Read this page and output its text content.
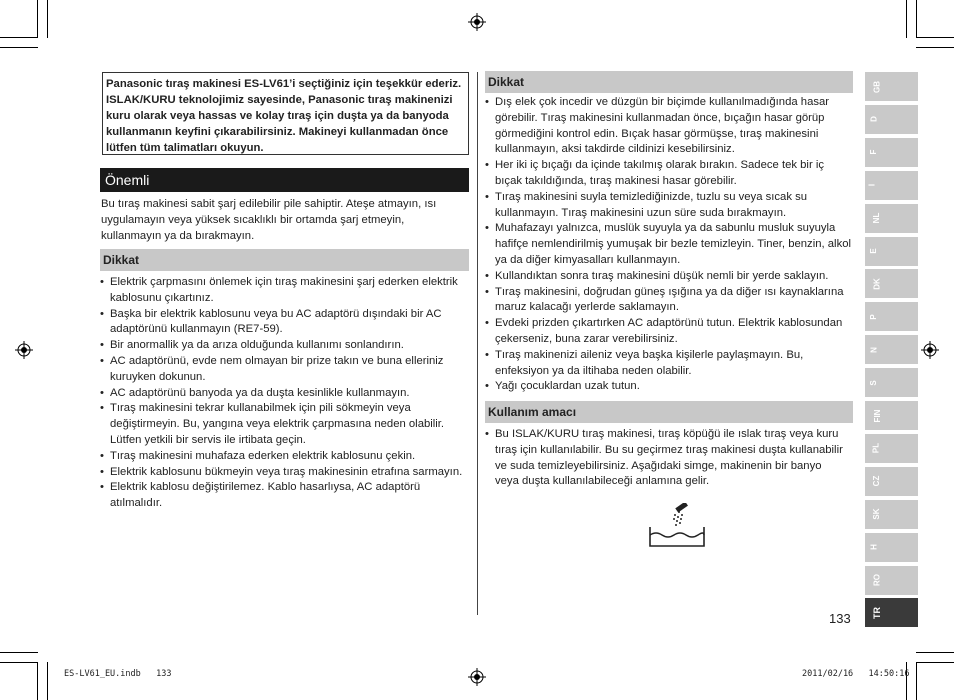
Panasonic tıraş makinesi ES-LV61’i seçtiğiniz için teşekkür ederiz. ISLAK/KURU teknolojimiz sayesinde, Panasonic tıraş makinenizi kuru olarak veya hassas ve kolay tıraş için duşta ya da banyoda kullanmanın keyfini çıkarabilirsiniz. Makineyi kullanmadan önce lütfen tüm talimatları okuyun.
Önemli
Bu tıraş makinesi sabit şarj edilebilir pile sahiptir. Ateşe atmayın, ısı uygulamayın veya yüksek sıcaklıklı bir ortamda şarj etmeyin, kullanmayın ya da bırakmayın.
Dikkat
• Elektrik çarpmasını önlemek için tıraş makinesini şarj ederken elektrik kablosunu çıkartınız.
• Başka bir elektrik kablosunu veya bu AC adaptörü dışındaki bir AC adaptörünü kullanmayın (RE7-59).
• Bir anormallik ya da arıza olduğunda kullanımı sonlandırın.
• AC adaptörünü, evde nem olmayan bir prize takın ve buna elleriniz kuruyken dokunun.
• AC adaptörünü banyoda ya da duşta kesinlikle kullanmayın.
• Tıraş makinesini tekrar kullanabilmek için pili sökmeyin veya değiştirmeyin. Bu, yangına veya elektrik çarpmasına neden olabilir. Lütfen yetkili bir servis ile irtibata geçin.
• Tıraş makinesini muhafaza ederken elektrik kablosunu çekin.
• Elektrik kablosunu bükmeyin veya tıraş makinesinin etrafına sarmayın.
• Elektrik kablosu değiştirilemez. Kablo hasarlıysa, AC adaptörü atılmalıdır.
Dikkat
• Dış elek çok incedir ve düzgün bir biçimde kullanılmadığında hasar görebilir. Tıraş makinesini kullanmadan önce, bıçağın hasar görüp görmediğini kontrol edin. Bıçak hasar görmüşse, tıraş makinesini kullanmayın, aksi takdirde cildinizi kesebilirsiniz.
• Her iki iç bıçağı da içinde takılmış olarak bırakın. Sadece tek bir iç bıçak takıldığında, tıraş makinesi hasar görebilir.
• Tıraş makinesini suyla temizlediğinizde, tuzlu su veya sıcak su kullanmayın. Tıraş makinesini uzun süre suda bırakmayın.
• Muhafazayı yalnızca, muslük suyuyla ya da sabunlu musluk suyuyla hafifçe nemlendirilmiş yumuşak bir bezle temizleyin. Tiner, benzin, alkol ya da diğer kimyasalları kullanmayın.
• Kullandıktan sonra tıraş makinesini düşük nemli bir yerde saklayın.
• Tıraş makinesini, doğrudan güneş ışığına ya da diğer ısı kaynaklarına maruz kalacağı yerlerde saklamayın.
• Evdeki prizden çıkartırken AC adaptörünü tutun. Elektrik kablosundan çekerseniz, buna zarar verebilirsiniz.
• Tıraş makinenizi aileniz veya başka kişilerle paylaşmayın. Bu, enfeksiyon ya da iltihaba neden olabilir.
• Yağı çocuklardan uzak tutun.
Kullanım amacı
• Bu ISLAK/KURU tıraş makinesi, tıraş köpüğü ile ıslak tıraş veya kuru tıraş için kullanılabilir. Bu su geçirmez tıraş makinesi duşta kullanabilir ve suda temizleyebilirsiniz. Aşağıdaki simge, makinenin bir banyo veya duşta kullanılabileceği anlamına gelir.
GB
D
F
I
NL
E
DK
P
N
S
FIN
PL
CZ
SK
H
RO
TR
133
ES-LV61_EU.indb   133	2011/02/16   14:50:16
